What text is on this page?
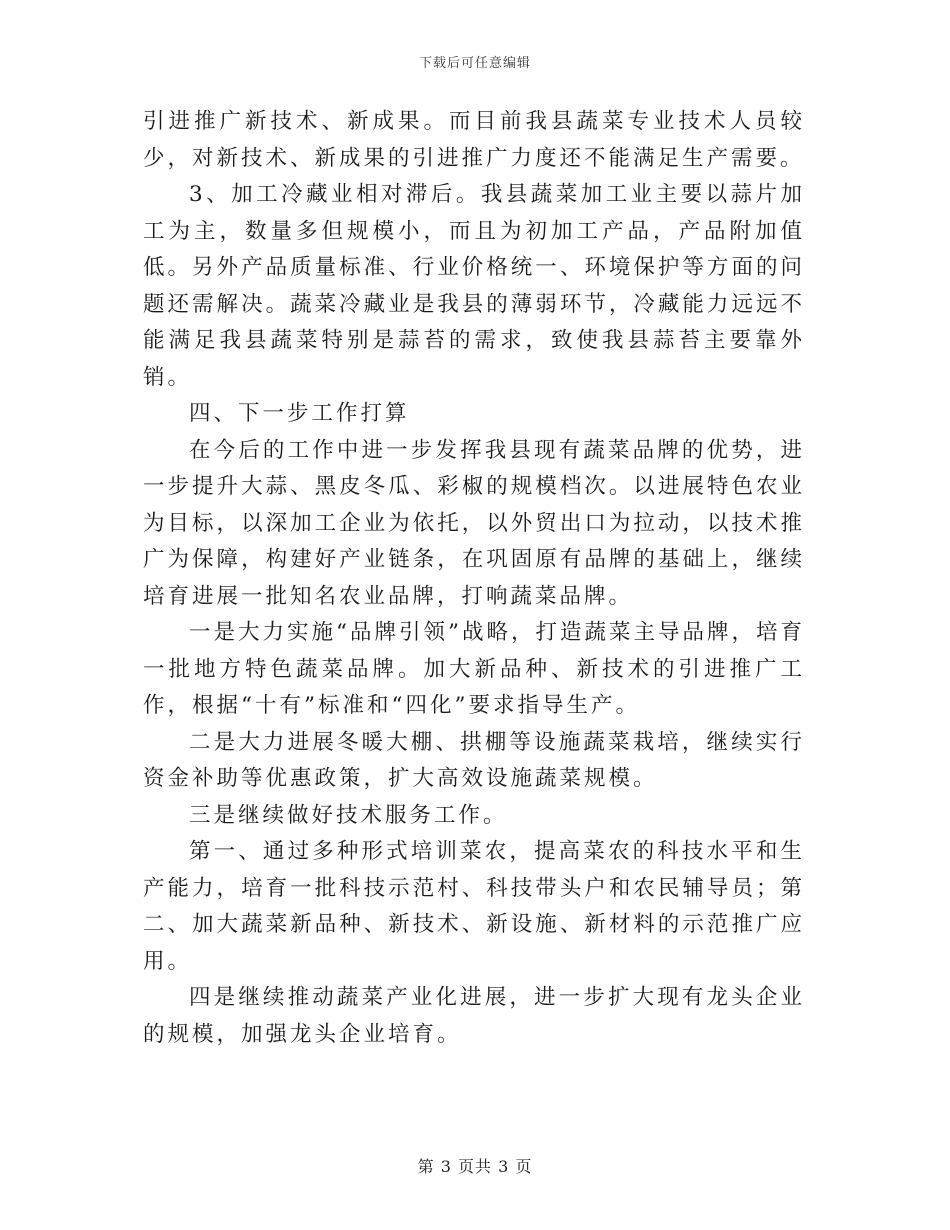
下载后可任意编辑

引进推广新技术、新成果。而目前我县蔬菜专业技术人员较少，对新技术、新成果的引进推广力度还不能满足生产需要。

3、加工冷藏业相对滞后。我县蔬菜加工业主要以蒜片加工为主，数量多但规模小，而且为初加工产品，产品附加值低。另外产品质量标准、行业价格统一、环境保护等方面的问题还需解决。蔬菜冷藏业是我县的薄弱环节，冷藏能力远远不能满足我县蔬菜特别是蒜苔的需求，致使我县蒜苔主要靠外销。

四、下一步工作打算

在今后的工作中进一步发挥我县现有蔬菜品牌的优势，进一步提升大蒜、黑皮冬瓜、彩椒的规模档次。以进展特色农业为目标，以深加工企业为依托，以外贸出口为拉动，以技术推广为保障，构建好产业链条，在巩固原有品牌的基础上，继续培育进展一批知名农业品牌，打响蔬菜品牌。

一是大力实施“品牌引领”战略，打造蔬菜主导品牌，培育一批地方特色蔬菜品牌。加大新品种、新技术的引进推广工作，根据“十有”标准和“四化”要求指导生产。

二是大力进展冬暖大棚、拱棚等设施蔬菜栽培，继续实行资金补助等优惠政策，扩大高效设施蔬菜规模。

三是继续做好技术服务工作。

第一、通过多种形式培训菜农，提高菜农的科技水平和生产能力，培育一批科技示范村、科技带头户和农民辅导员；第二、加大蔬菜新品种、新技术、新设施、新材料的示范推广应用。

四是继续推动蔬菜产业化进展，进一步扩大现有龙头企业的规模，加强龙头企业培育。

第 3 页共 3 页
